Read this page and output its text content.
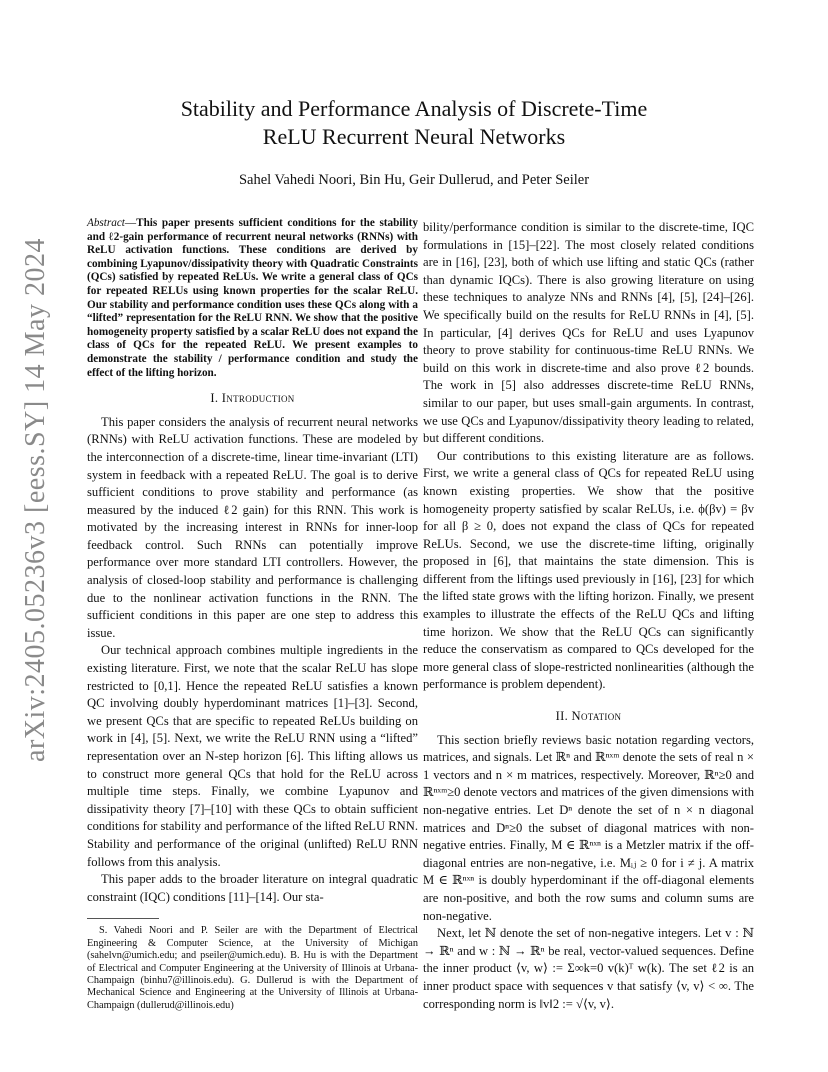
arXiv:2405.05236v3 [eess.SY] 14 May 2024
Stability and Performance Analysis of Discrete-Time
ReLU Recurrent Neural Networks
Sahel Vahedi Noori, Bin Hu, Geir Dullerud, and Peter Seiler

Abstract—This paper presents sufficient conditions for the stability and ℓ2-gain performance of recurrent neural networks (RNNs) with ReLU activation functions. These conditions are derived by combining Lyapunov/dissipativity theory with Quadratic Constraints (QCs) satisfied by repeated ReLUs. We write a general class of QCs for repeated RELUs using known properties for the scalar ReLU. Our stability and performance condition uses these QCs along with a “lifted” representation for the ReLU RNN. We show that the positive homogeneity property satisfied by a scalar ReLU does not expand the class of QCs for the repeated ReLU. We present examples to demonstrate the stability / performance condition and study the effect of the lifting horizon.

I. Introduction

This paper considers the analysis of recurrent neural networks (RNNs) with ReLU activation functions. These are modeled by the interconnection of a discrete-time, linear time-invariant (LTI) system in feedback with a repeated ReLU. The goal is to derive sufficient conditions to prove stability and performance (as measured by the induced ℓ2 gain) for this RNN. This work is motivated by the increasing interest in RNNs for inner-loop feedback control. Such RNNs can potentially improve performance over more standard LTI controllers. However, the analysis of closed-loop stability and performance is challenging due to the nonlinear activation functions in the RNN. The sufficient conditions in this paper are one step to address this issue.

Our technical approach combines multiple ingredients in the existing literature. First, we note that the scalar ReLU has slope restricted to [0,1]. Hence the repeated ReLU satisfies a known QC involving doubly hyperdominant matrices [1]–[3]. Second, we present QCs that are specific to repeated ReLUs building on work in [4], [5]. Next, we write the ReLU RNN using a “lifted” representation over an N-step horizon [6]. This lifting allows us to construct more general QCs that hold for the ReLU across multiple time steps. Finally, we combine Lyapunov and dissipativity theory [7]–[10] with these QCs to obtain sufficient conditions for stability and performance of the lifted ReLU RNN. Stability and performance of the original (unlifted) ReLU RNN follows from this analysis.

This paper adds to the broader literature on integral quadratic constraint (IQC) conditions [11]–[14]. Our sta-

S. Vahedi Noori and P. Seiler are with the Department of Electrical Engineering & Computer Science, at the University of Michigan (sahelvn@umich.edu; and pseiler@umich.edu). B. Hu is with the Department of Electrical and Computer Engineering at the University of Illinois at Urbana-Champaign (binhu7@illinois.edu). G. Dullerud is with the Department of Mechanical Science and Engineering at the University of Illinois at Urbana-Champaign (dullerud@illinois.edu)

bility/performance condition is similar to the discrete-time, IQC formulations in [15]–[22]. The most closely related conditions are in [16], [23], both of which use lifting and static QCs (rather than dynamic IQCs). There is also growing literature on using these techniques to analyze NNs and RNNs [4], [5], [24]–[26]. We specifically build on the results for ReLU RNNs in [4], [5]. In particular, [4] derives QCs for ReLU and uses Lyapunov theory to prove stability for continuous-time ReLU RNNs. We build on this work in discrete-time and also prove ℓ2 bounds. The work in [5] also addresses discrete-time ReLU RNNs, similar to our paper, but uses small-gain arguments. In contrast, we use QCs and Lyapunov/dissipativity theory leading to related, but different conditions.

Our contributions to this existing literature are as follows. First, we write a general class of QCs for repeated ReLU using known existing properties. We show that the positive homogeneity property satisfied by scalar ReLUs, i.e. ϕ(βv) = βv for all β ≥ 0, does not expand the class of QCs for repeated ReLUs. Second, we use the discrete-time lifting, originally proposed in [6], that maintains the state dimension. This is different from the liftings used previously in [16], [23] for which the lifted state grows with the lifting horizon. Finally, we present examples to illustrate the effects of the ReLU QCs and lifting time horizon. We show that the ReLU QCs can significantly reduce the conservatism as compared to QCs developed for the more general class of slope-restricted nonlinearities (although the performance is problem dependent).

II. Notation

This section briefly reviews basic notation regarding vectors, matrices, and signals. Let ℝⁿ and ℝⁿˣᵐ denote the sets of real n × 1 vectors and n × m matrices, respectively. Moreover, ℝⁿ≥0 and ℝⁿˣᵐ≥0 denote vectors and matrices of the given dimensions with non-negative entries. Let Dⁿ denote the set of n × n diagonal matrices and Dⁿ≥0 the subset of diagonal matrices with non-negative entries. Finally, M ∈ ℝⁿˣⁿ is a Metzler matrix if the off-diagonal entries are non-negative, i.e. Mᵢⱼ ≥ 0 for i ≠ j. A matrix M ∈ ℝⁿˣⁿ is doubly hyperdominant if the off-diagonal elements are non-positive, and both the row sums and column sums are non-negative.

Next, let ℕ denote the set of non-negative integers. Let v : ℕ → ℝⁿ and w : ℕ → ℝⁿ be real, vector-valued sequences. Define the inner product ⟨v, w⟩ := Σ∞k=0 v(k)ᵀ w(k). The set ℓ2 is an inner product space with sequences v that satisfy ⟨v, v⟩ < ∞. The corresponding norm is ‖v‖2 := √⟨v, v⟩.
